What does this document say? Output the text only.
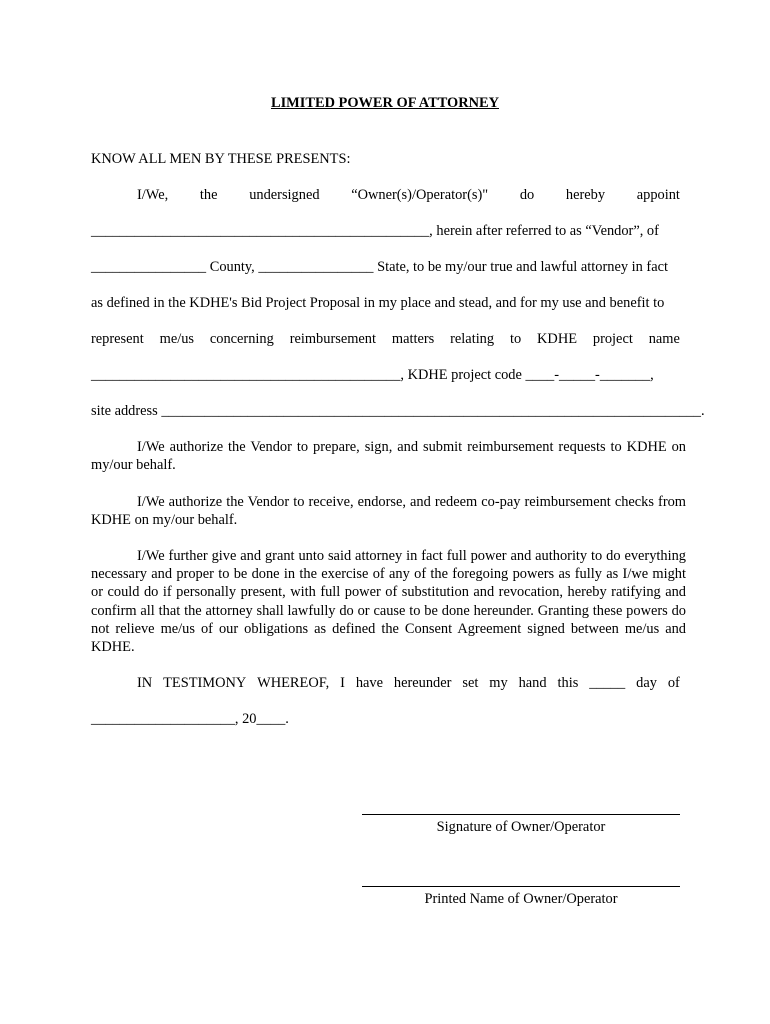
LIMITED POWER OF ATTORNEY
KNOW ALL MEN BY THESE PRESENTS:
I/We, the undersigned “Owner(s)/Operator(s)" do hereby appoint
_______________________________________________, herein after referred to as “Vendor”, of
________________ County, ________________ State, to be my/our true and lawful attorney in fact
as defined in the KDHE's Bid Project Proposal in my place and stead, and for my use and benefit to
represent me/us concerning reimbursement matters relating to KDHE project name
___________________________________________, KDHE project code ____-_____-_______,
site address ___________________________________________________________________________.
I/We authorize the Vendor to prepare, sign, and submit reimbursement requests to KDHE on my/our behalf.
I/We authorize the Vendor to receive, endorse, and redeem co-pay reimbursement checks from KDHE on my/our behalf.
I/We further give and grant unto said attorney in fact full power and authority to do everything necessary and proper to be done in the exercise of any of the foregoing powers as fully as I/we might or could do if personally present, with full power of substitution and revocation, hereby ratifying and confirm all that the attorney shall lawfully do or cause to be done hereunder. Granting these powers do not relieve me/us of our obligations as defined the Consent Agreement signed between me/us and KDHE.
IN TESTIMONY WHEREOF, I have hereunder set my hand this _____ day of
____________________, 20____.
Signature of Owner/Operator
Printed Name of Owner/Operator
